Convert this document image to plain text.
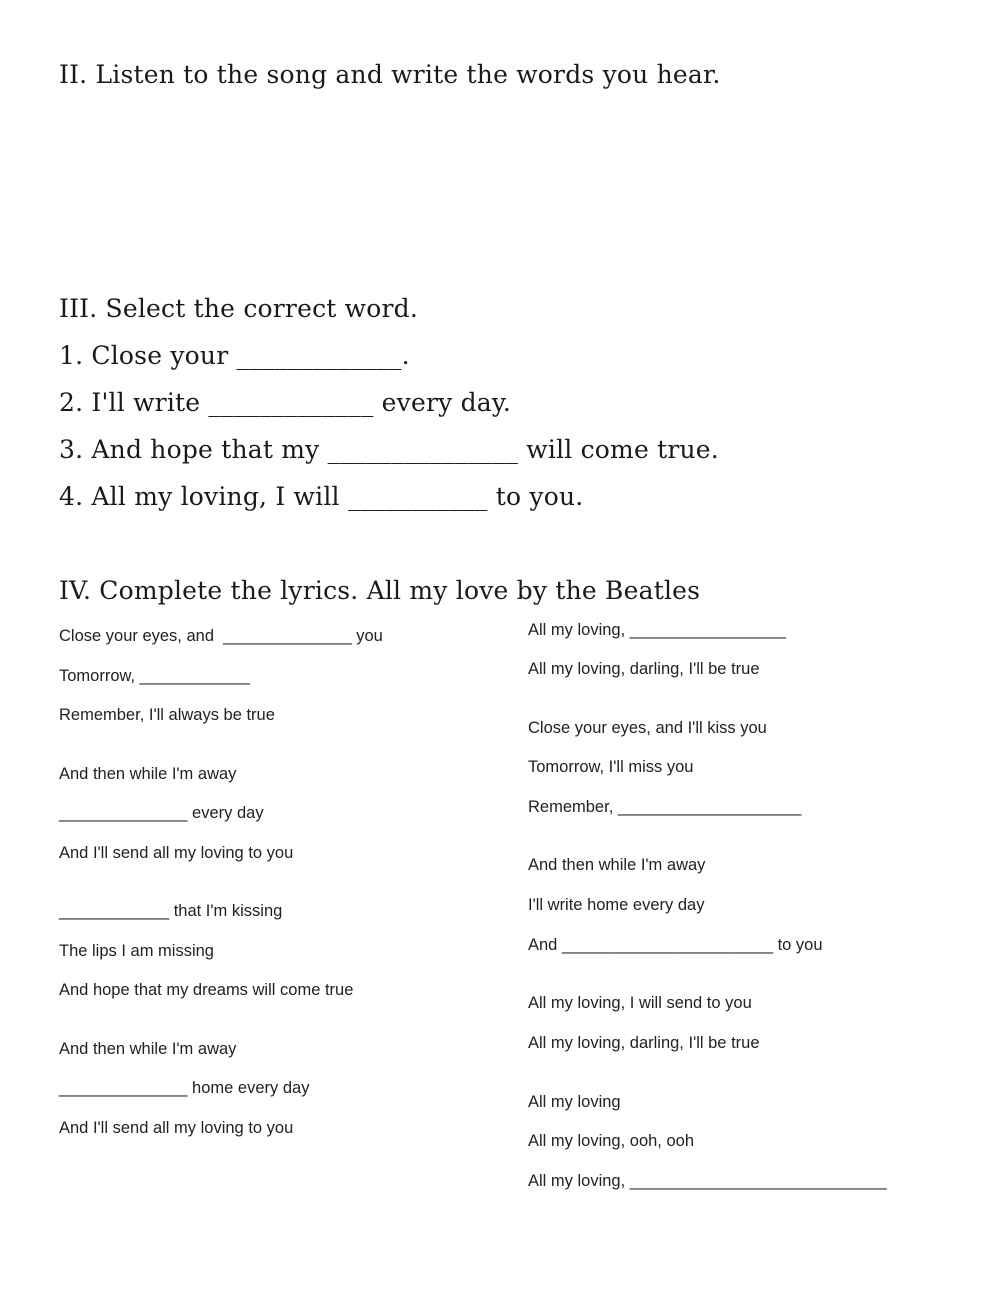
II. Listen to the song and write the words you hear.
III. Select the correct word.
1. Close your _____________.
2. I'll write _____________ every day.
3. And hope that my _______________ will come true.
4. All my loving, I will ___________ to you.
IV. Complete the lyrics. All my love by the Beatles
Close your eyes, and  ______________ you
Tomorrow, ____________
Remember, I'll always be true
And then while I'm away
______________ every day
And I'll send all my loving to you
____________ that I'm kissing
The lips I am missing
And hope that my dreams will come true
And then while I'm away
______________ home every day
And I'll send all my loving to you
All my loving, _________________
All my loving, darling, I'll be true
Close your eyes, and I'll kiss you
Tomorrow, I'll miss you
Remember, ____________________
And then while I'm away
I'll write home every day
And _______________________ to you
All my loving, I will send to you
All my loving, darling, I'll be true
All my loving
All my loving, ooh, ooh
All my loving, ____________________________
